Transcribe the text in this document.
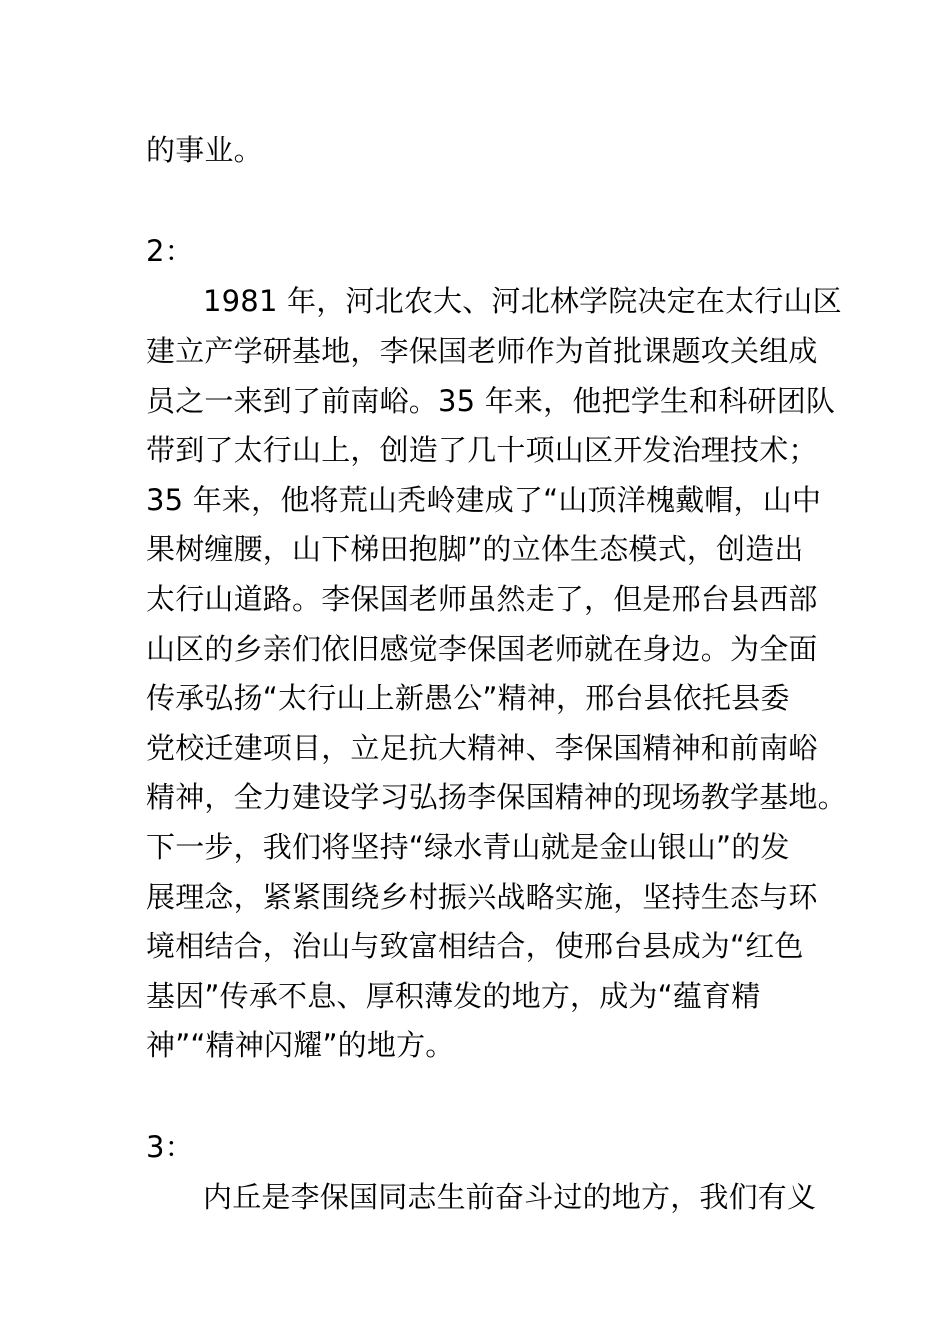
的事业。
2：
1981 年，河北农大、河北林学院决定在太行山区
建立产学研基地，李保国老师作为首批课题攻关组成
员之一来到了前南峪。35 年来，他把学生和科研团队
带到了太行山上，创造了几十项山区开发治理技术；
35 年来，他将荒山秃岭建成了“山顶洋槐戴帽，山中
果树缠腰，山下梯田抱脚”的立体生态模式，创造出
太行山道路。李保国老师虽然走了，但是邢台县西部
山区的乡亲们依旧感觉李保国老师就在身边。为全面
传承弘扬“太行山上新愚公”精神，邢台县依托县委
党校迁建项目，立足抗大精神、李保国精神和前南峪
精神，全力建设学习弘扬李保国精神的现场教学基地。
下一步，我们将坚持“绿水青山就是金山银山”的发
展理念，紧紧围绕乡村振兴战略实施，坚持生态与环
境相结合，治山与致富相结合，使邢台县成为“红色
基因”传承不息、厚积薄发的地方，成为“蕴育精
神”“精神闪耀”的地方。
3：
内丘是李保国同志生前奋斗过的地方，我们有义
